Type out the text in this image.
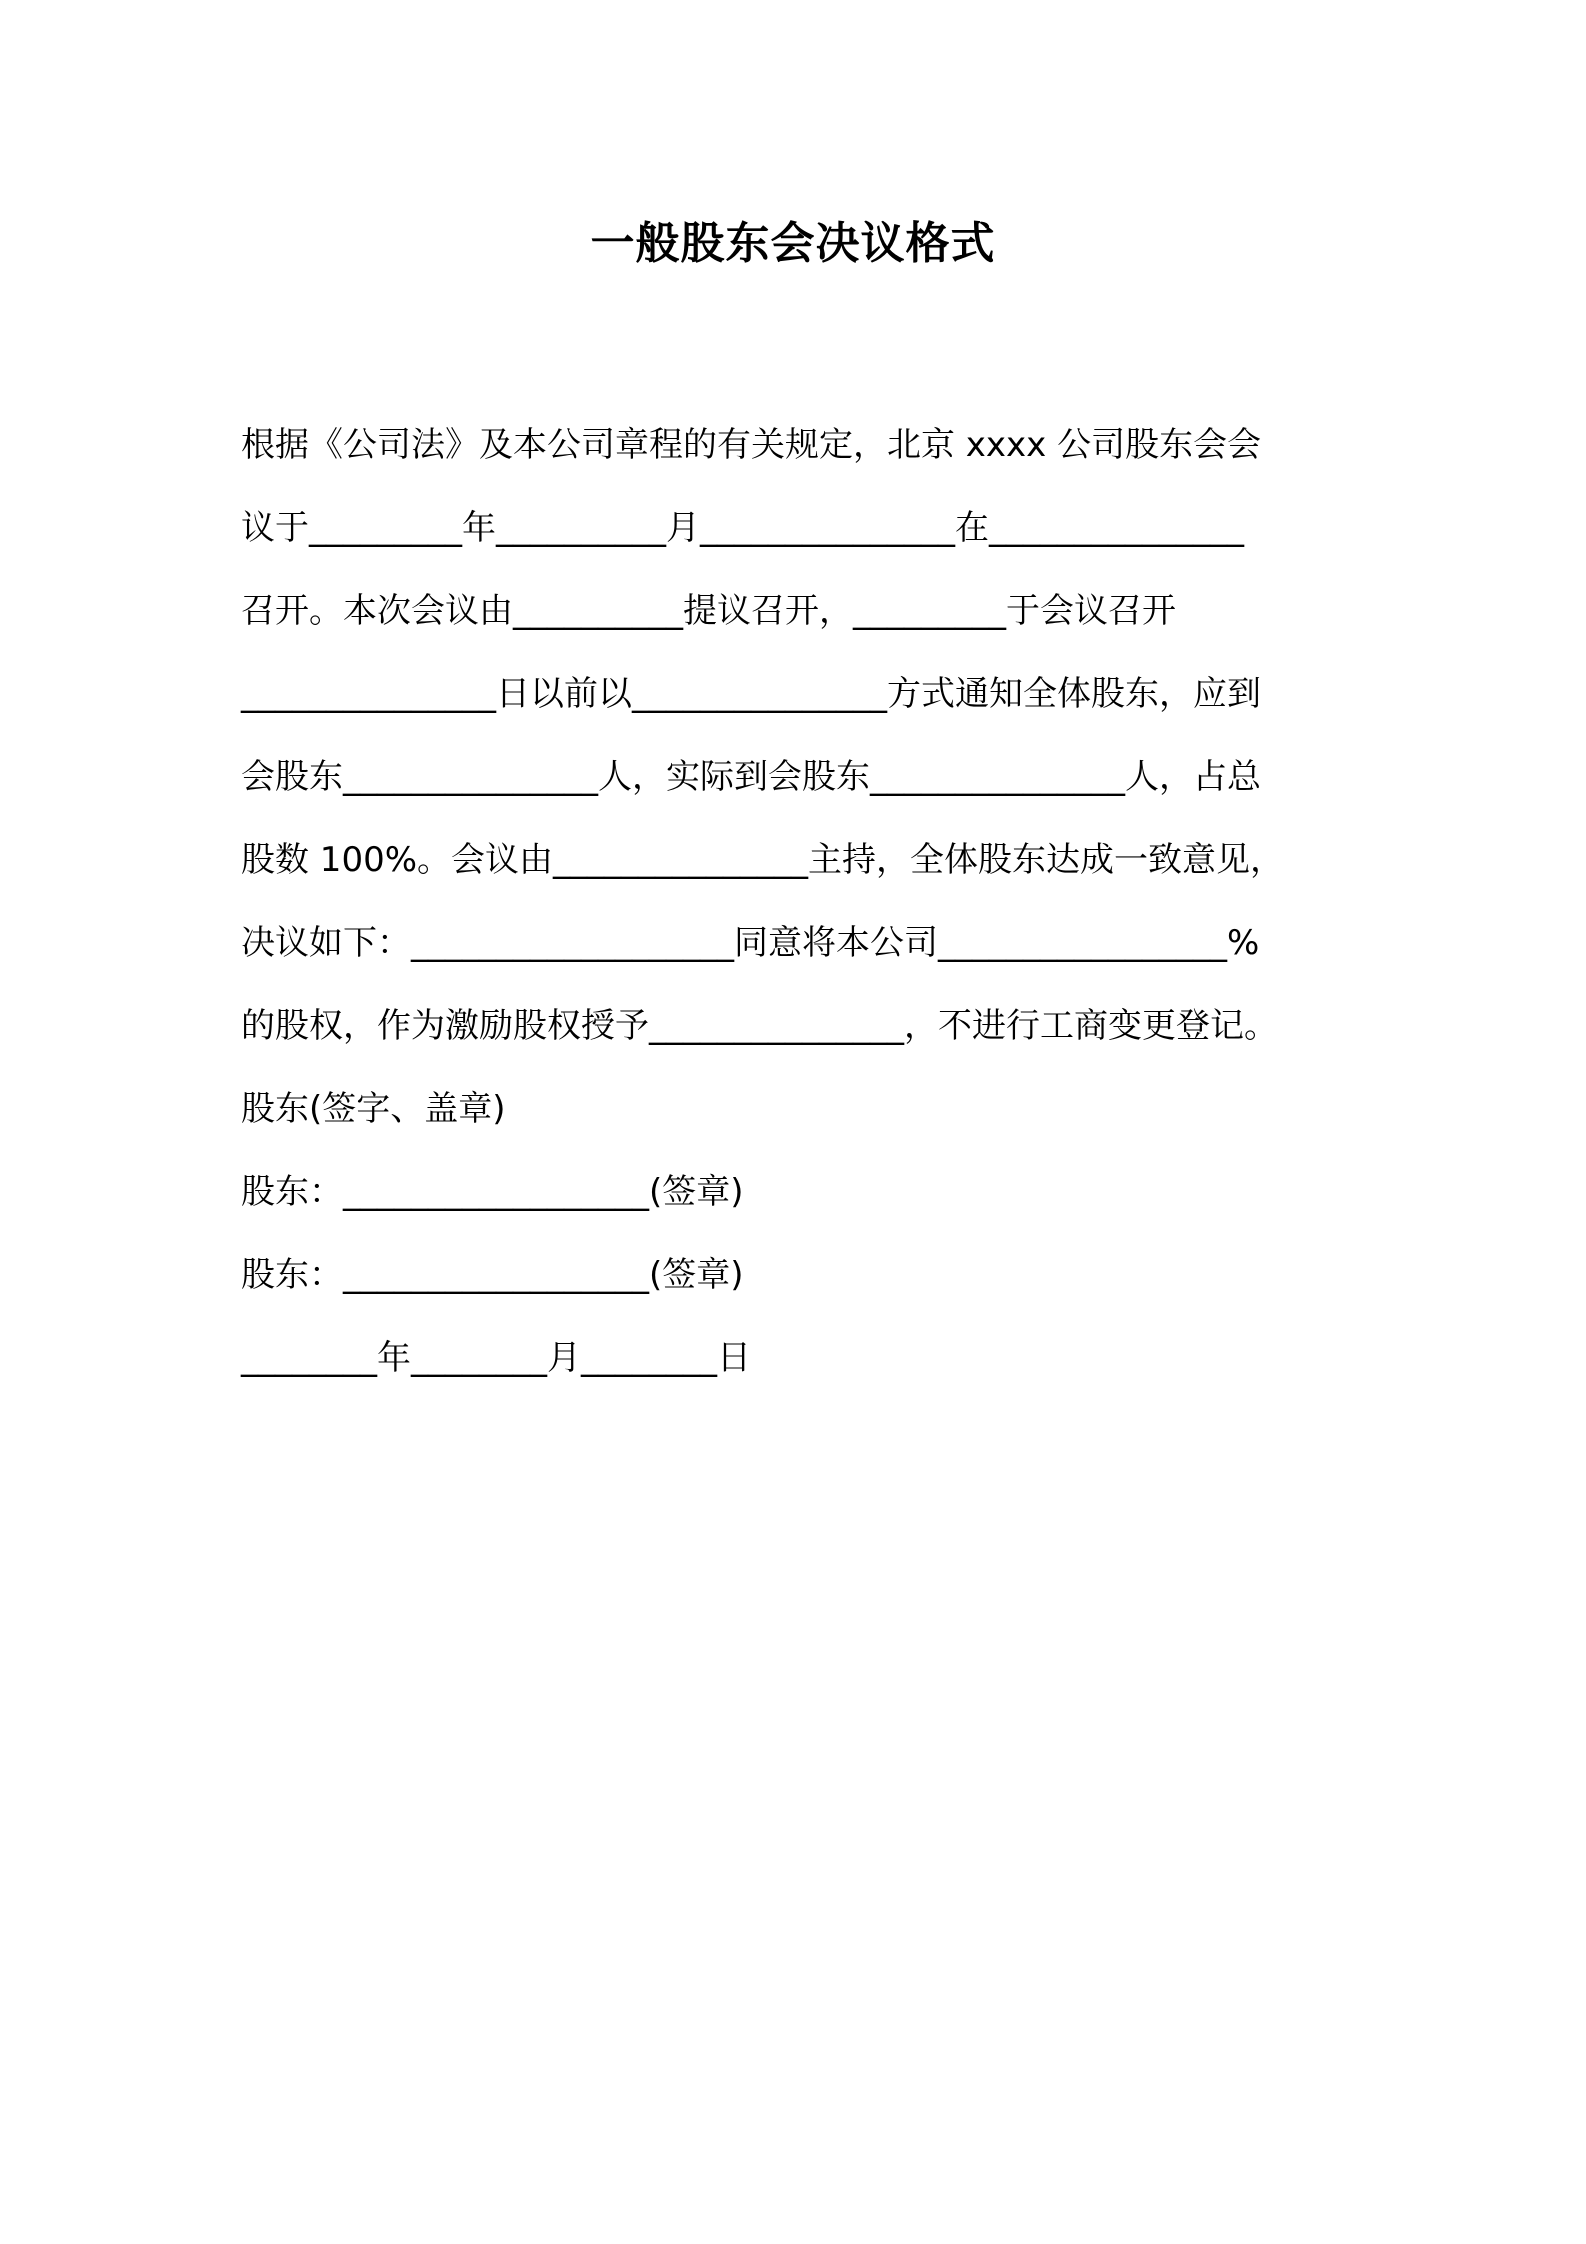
一般股东会决议格式
根据《公司法》及本公司章程的有关规定，北京 xxxx 公司股东会会
议于_________年__________月_______________在_______________
召开。本次会议由__________提议召开，_________于会议召开
_______________日以前以_______________方式通知全体股东，应到
会股东_______________人，实际到会股东_______________人，占总
股数 100%。会议由_______________主持，全体股东达成一致意见，
决议如下：___________________同意将本公司_________________%
的股权，作为激励股权授予_______________，不进行工商变更登记。
股东(签字、盖章)
股东：__________________(签章)
股东：__________________(签章)
________年________月________日
